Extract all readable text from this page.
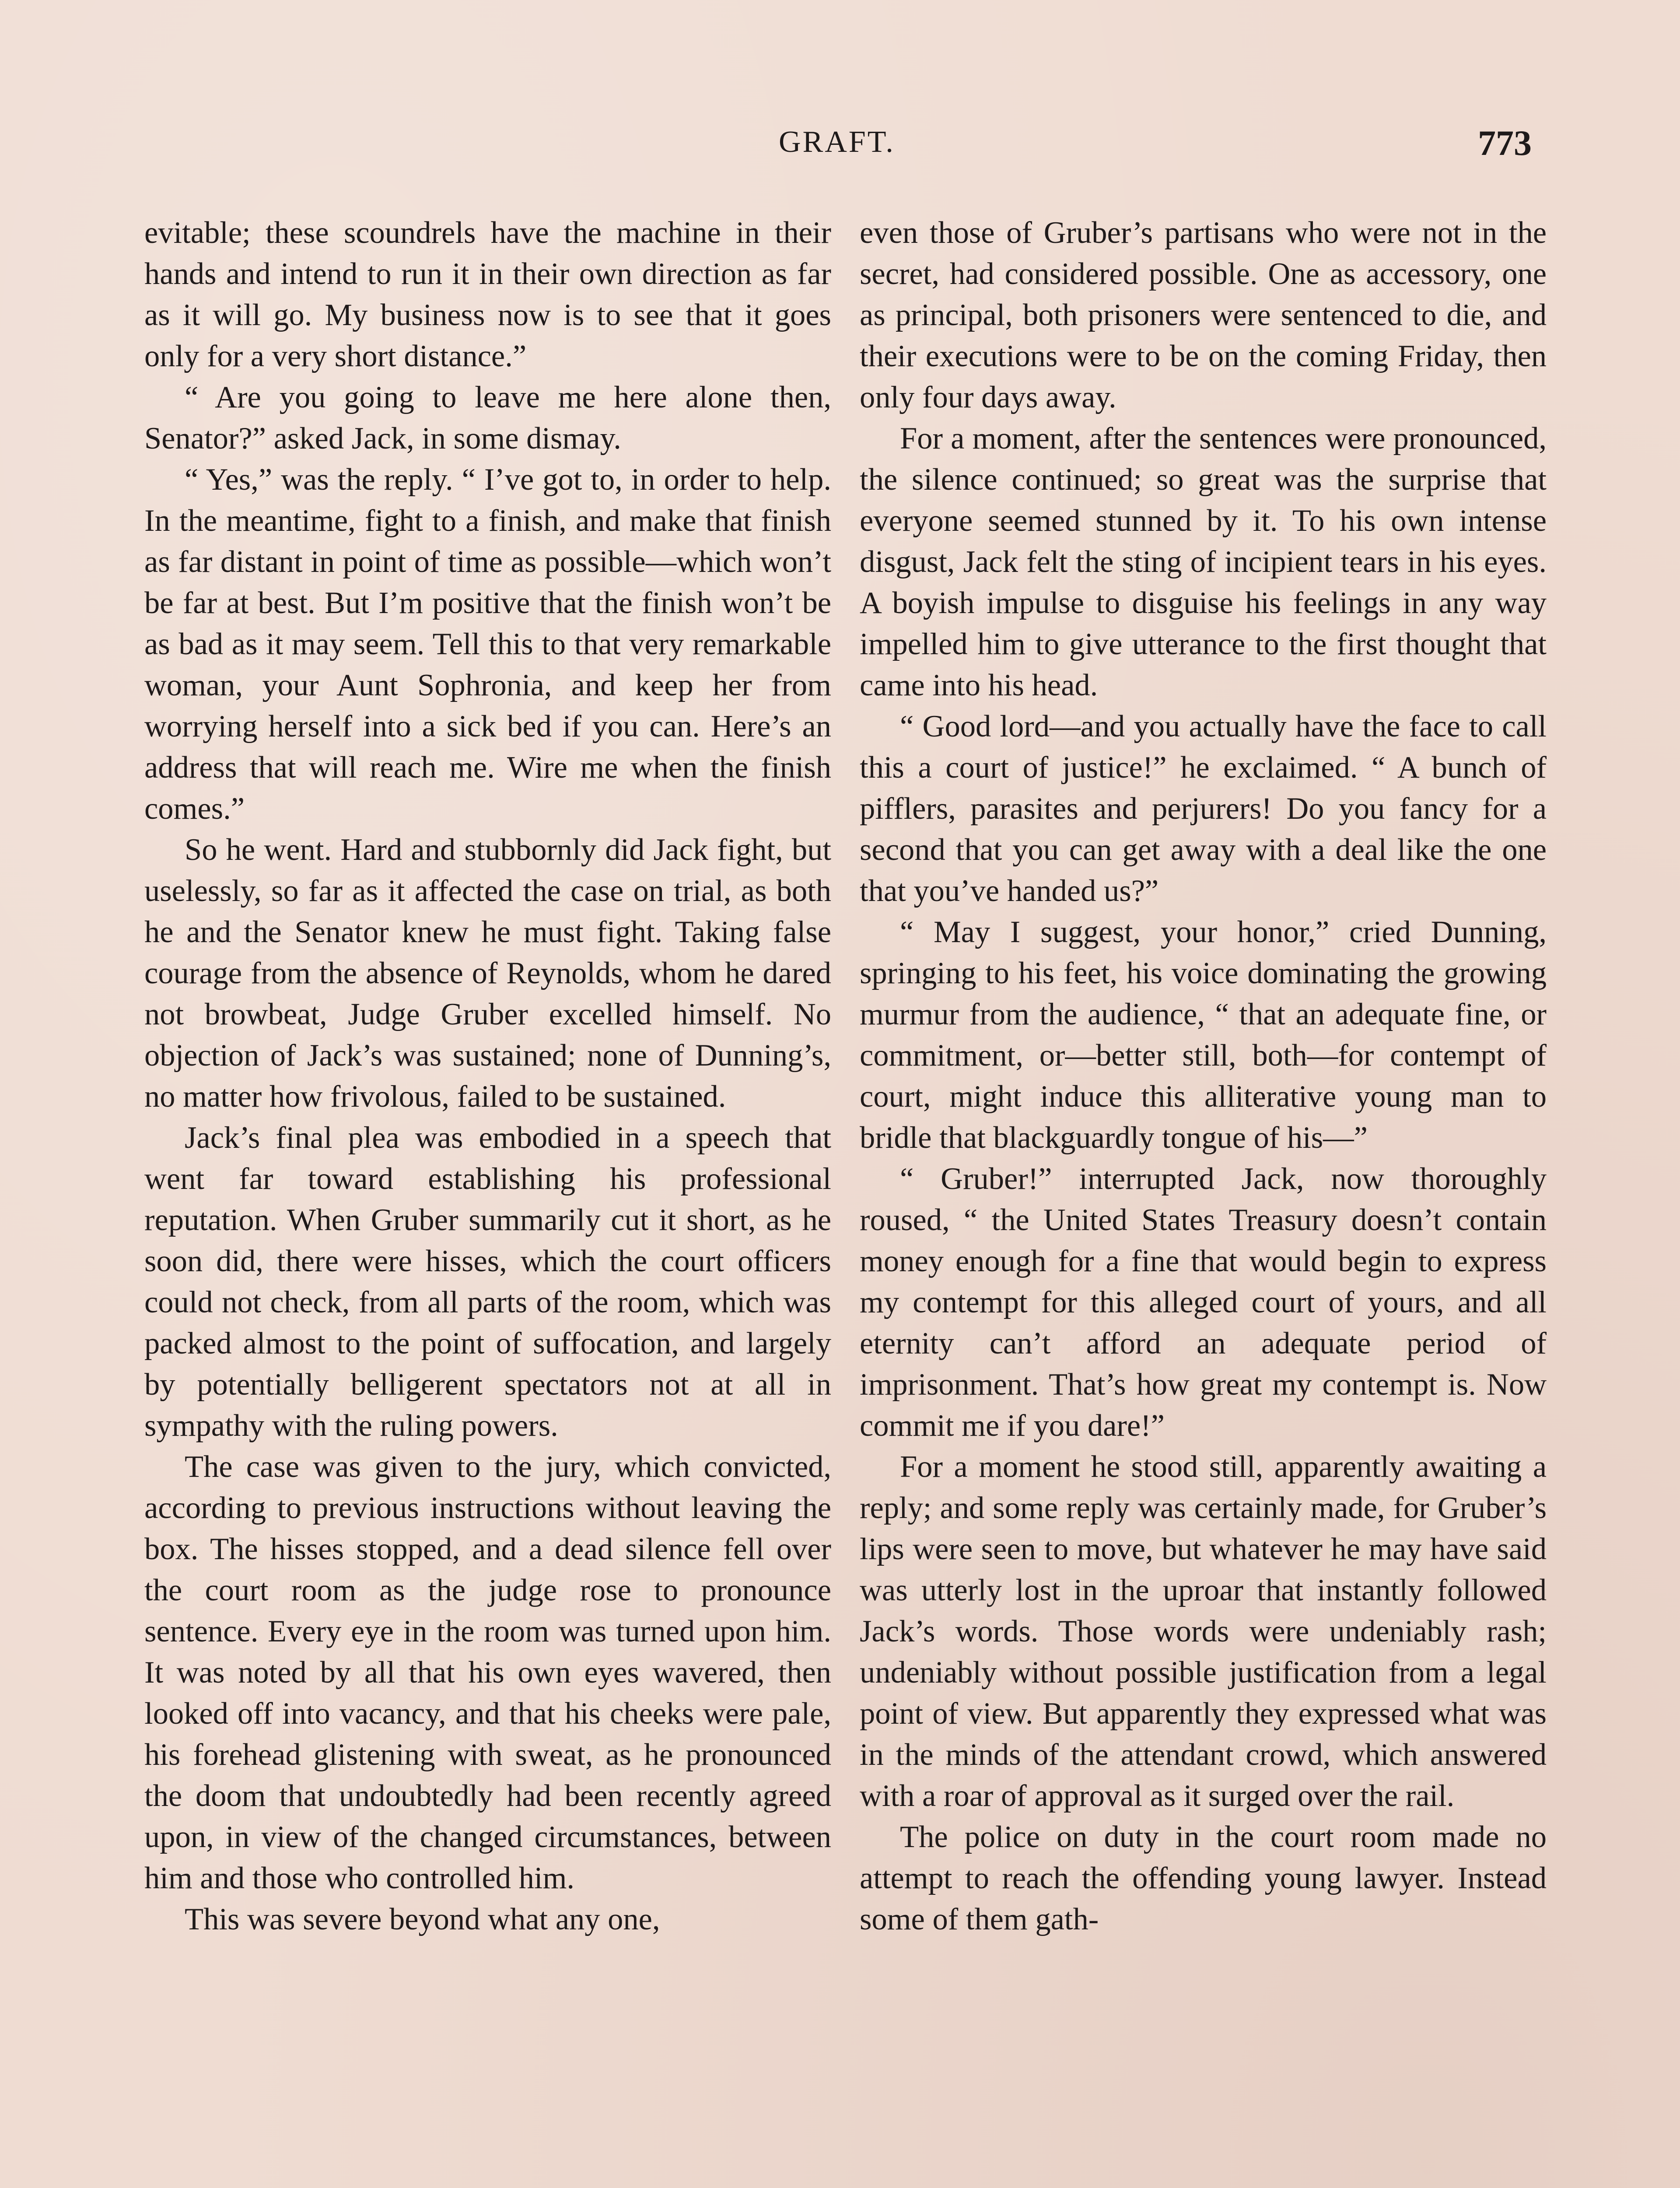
GRAFT.	773

evitable; these scoundrels have the machine in their hands and intend to run it in their own direction as far as it will go. My business now is to see that it goes only for a very short distance.”

“ Are you going to leave me here alone then, Senator?” asked Jack, in some dismay.

“ Yes,” was the reply. “ I’ve got to, in order to help. In the meantime, fight to a finish, and make that finish as far distant in point of time as possible—which won’t be far at best. But I’m positive that the finish won’t be as bad as it may seem. Tell this to that very remarkable woman, your Aunt Sophronia, and keep her from worrying herself into a sick bed if you can. Here’s an address that will reach me. Wire me when the finish comes.”

So he went. Hard and stubbornly did Jack fight, but uselessly, so far as it affected the case on trial, as both he and the Senator knew he must fight. Taking false courage from the absence of Reynolds, whom he dared not browbeat, Judge Gruber excelled himself. No objection of Jack’s was sustained; none of Dunning’s, no matter how frivolous, failed to be sustained.

Jack’s final plea was embodied in a speech that went far toward establishing his professional reputation. When Gruber summarily cut it short, as he soon did, there were hisses, which the court officers could not check, from all parts of the room, which was packed almost to the point of suffocation, and largely by potentially belligerent spectators not at all in sympathy with the ruling powers.

The case was given to the jury, which convicted, according to previous instructions without leaving the box. The hisses stopped, and a dead silence fell over the court room as the judge rose to pronounce sentence. Every eye in the room was turned upon him. It was noted by all that his own eyes wavered, then looked off into vacancy, and that his cheeks were pale, his forehead glistening with sweat, as he pronounced the doom that undoubtedly had been recently agreed upon, in view of the changed circumstances, between him and those who controlled him.

This was severe beyond what any one,

even those of Gruber’s partisans who were not in the secret, had considered possible. One as accessory, one as principal, both prisoners were sentenced to die, and their executions were to be on the coming Friday, then only four days away.

For a moment, after the sentences were pronounced, the silence continued; so great was the surprise that everyone seemed stunned by it. To his own intense disgust, Jack felt the sting of incipient tears in his eyes. A boyish impulse to disguise his feelings in any way impelled him to give utterance to the first thought that came into his head.

“ Good lord—and you actually have the face to call this a court of justice!” he exclaimed. “ A bunch of pifflers, parasites and perjurers! Do you fancy for a second that you can get away with a deal like the one that you’ve handed us?”

“ May I suggest, your honor,” cried Dunning, springing to his feet, his voice dominating the growing murmur from the audience, “ that an adequate fine, or commitment, or—better still, both—for contempt of court, might induce this alliterative young man to bridle that blackguardly tongue of his—”

“ Gruber!” interrupted Jack, now thoroughly roused, “ the United States Treasury doesn’t contain money enough for a fine that would begin to express my contempt for this alleged court of yours, and all eternity can’t afford an adequate period of imprisonment. That’s how great my contempt is. Now commit me if you dare!”

For a moment he stood still, apparently awaiting a reply; and some reply was certainly made, for Gruber’s lips were seen to move, but whatever he may have said was utterly lost in the uproar that instantly followed Jack’s words. Those words were undeniably rash; undeniably without possible justification from a legal point of view. But apparently they expressed what was in the minds of the attendant crowd, which answered with a roar of approval as it surged over the rail.

The police on duty in the court room made no attempt to reach the offending young lawyer. Instead some of them gath-
